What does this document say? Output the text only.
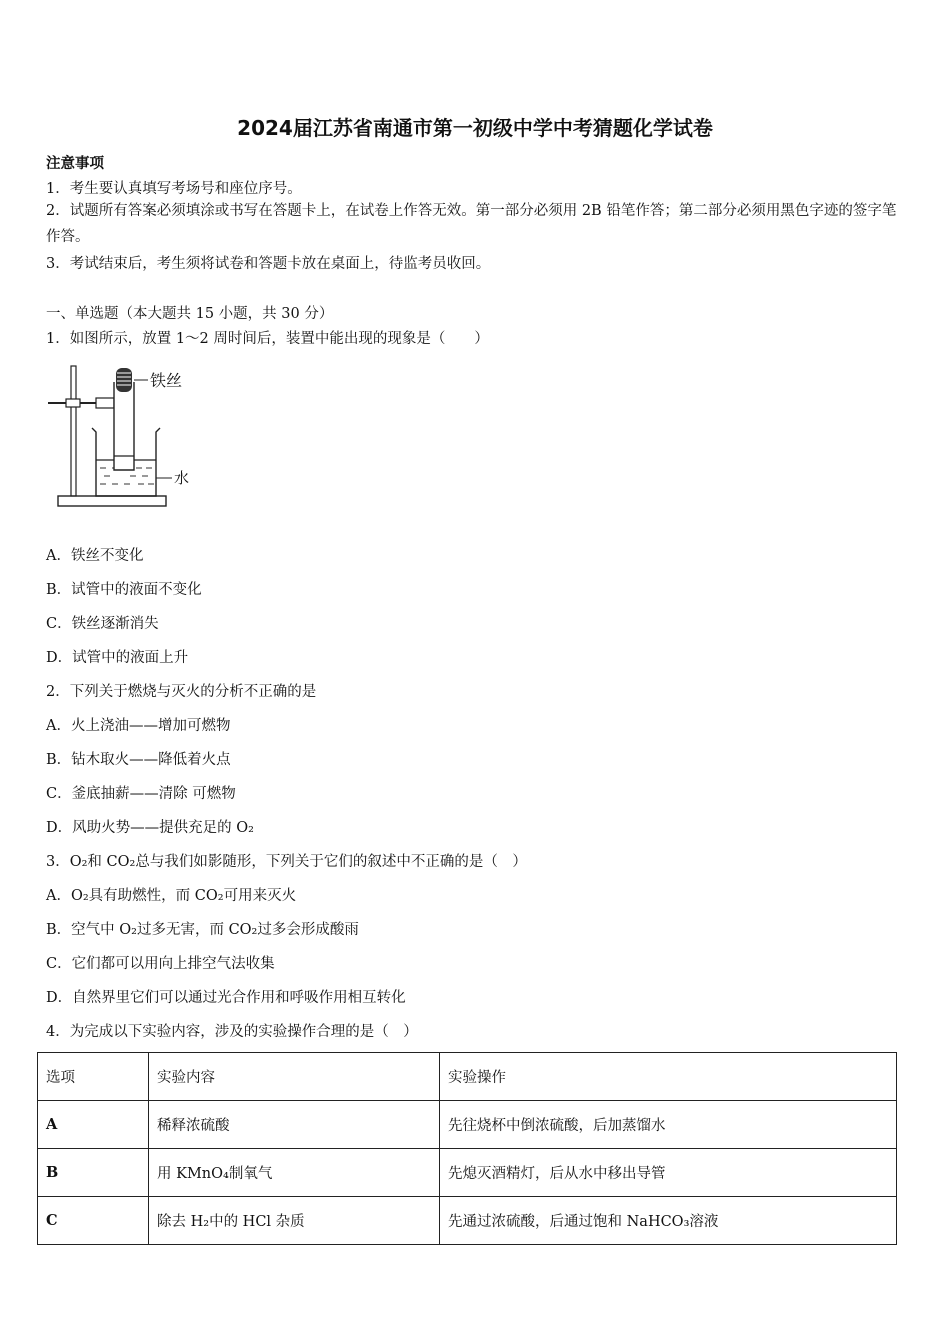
2024届江苏省南通市第一初级中学中考猜题化学试卷
注意事项
1．考生要认真填写考场号和座位序号。
2．试题所有答案必须填涂或书写在答题卡上，在试卷上作答无效。第一部分必须用 2B 铅笔作答；第二部分必须用黑色字迹的签字笔作答。
3．考试结束后，考生须将试卷和答题卡放在桌面上，待监考员收回。
一、单选题（本大题共 15 小题，共 30 分）
1．如图所示，放置 1～2 周时间后，装置中能出现的现象是（　　）
铁丝
水
A．铁丝不变化
B．试管中的液面不变化
C．铁丝逐渐消失
D．试管中的液面上升
2．下列关于燃烧与灭火的分析不正确的是
A．火上浇油——增加可燃物
B．钻木取火——降低着火点
C．釜底抽薪——清除 可燃物
D．风助火势——提供充足的 O₂
3．O₂和 CO₂总与我们如影随形，下列关于它们的叙述中不正确的是（　）
A．O₂具有助燃性，而 CO₂可用来灭火
B．空气中 O₂过多无害，而 CO₂过多会形成酸雨
C．它们都可以用向上排空气法收集
D．自然界里它们可以通过光合作用和呼吸作用相互转化
4．为完成以下实验内容，涉及的实验操作合理的是（　）
选项	实验内容	实验操作
A	稀释浓硫酸	先往烧杯中倒浓硫酸，后加蒸馏水
B	用 KMnO₄制氧气	先熄灭酒精灯，后从水中移出导管
C	除去 H₂中的 HCl 杂质	先通过浓硫酸，后通过饱和 NaHCO₃溶液
